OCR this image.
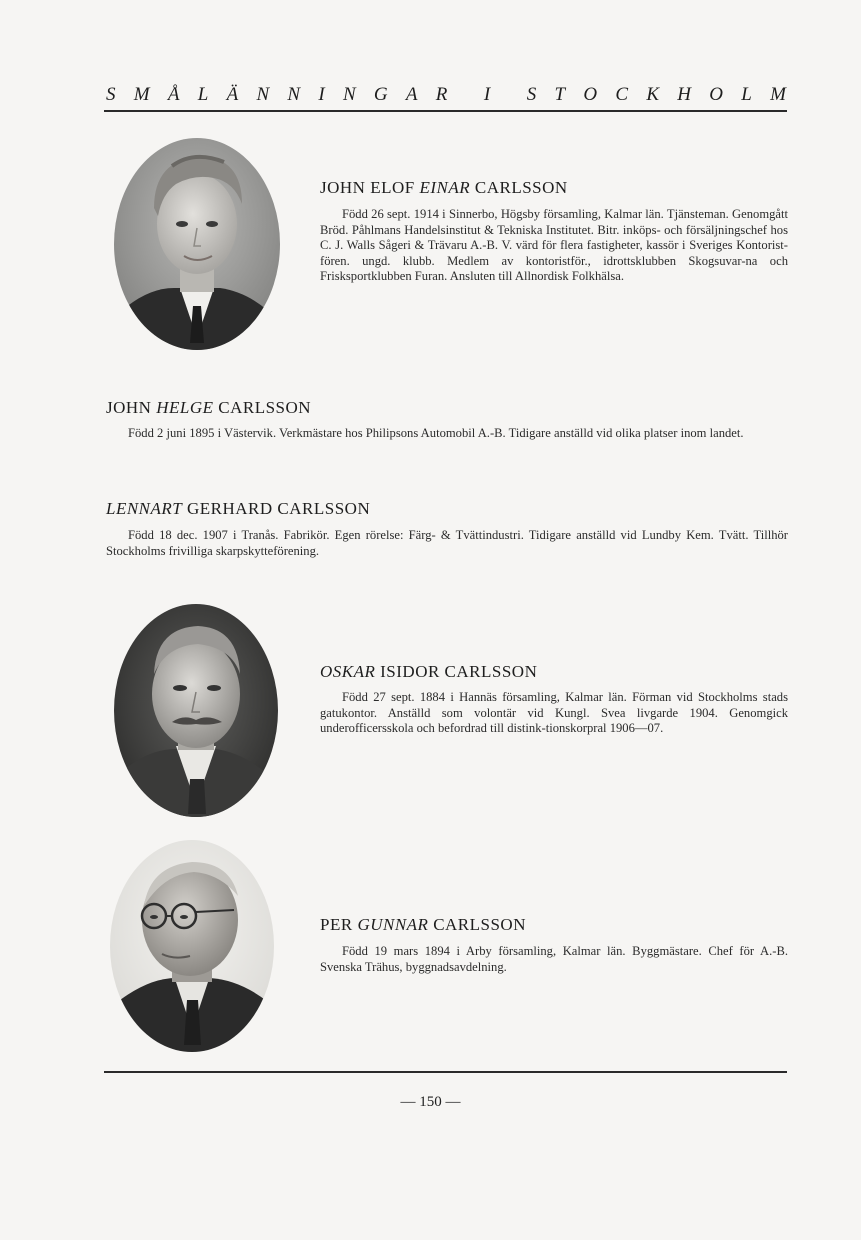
S M Å L Ä N N I N G A R I S T O C K H O L M
JOHN ELOF EINAR CARLSSON
Född 26 sept. 1914 i Sinnerbo, Högsby församling, Kalmar län. Tjänsteman. Genomgått Bröd. Påhlmans Handelsinstitut & Tekniska Institutet. Bitr. inköps- och försäljningschef hos C. J. Walls Sågeri & Trävaru A.-B. V. värd för flera fastigheter, kassör i Sveriges Kontorist-fören. ungd. klubb. Medlem av kontoristför., idrottsklubben Skogsuvar-na och Frisksportklubben Furan. Ansluten till Allnordisk Folkhälsa.
JOHN HELGE CARLSSON
Född 2 juni 1895 i Västervik. Verkmästare hos Philipsons Automobil A.-B. Tidigare anställd vid olika platser inom landet.
LENNART GERHARD CARLSSON
Född 18 dec. 1907 i Tranås. Fabrikör. Egen rörelse: Färg- & Tvättindustri. Tidigare anställd vid Lundby Kem. Tvätt. Tillhör Stockholms frivilliga skarpskytteförening.
OSKAR ISIDOR CARLSSON
Född 27 sept. 1884 i Hannäs församling, Kalmar län. Förman vid Stockholms stads gatukontor. Anställd som volontär vid Kungl. Svea livgarde 1904. Genomgick underofficersskola och befordrad till distink-tionskorpral 1906—07.
PER GUNNAR CARLSSON
Född 19 mars 1894 i Arby församling, Kalmar län. Byggmästare. Chef för A.-B. Svenska Trähus, byggnadsavdelning.
— 150 —
